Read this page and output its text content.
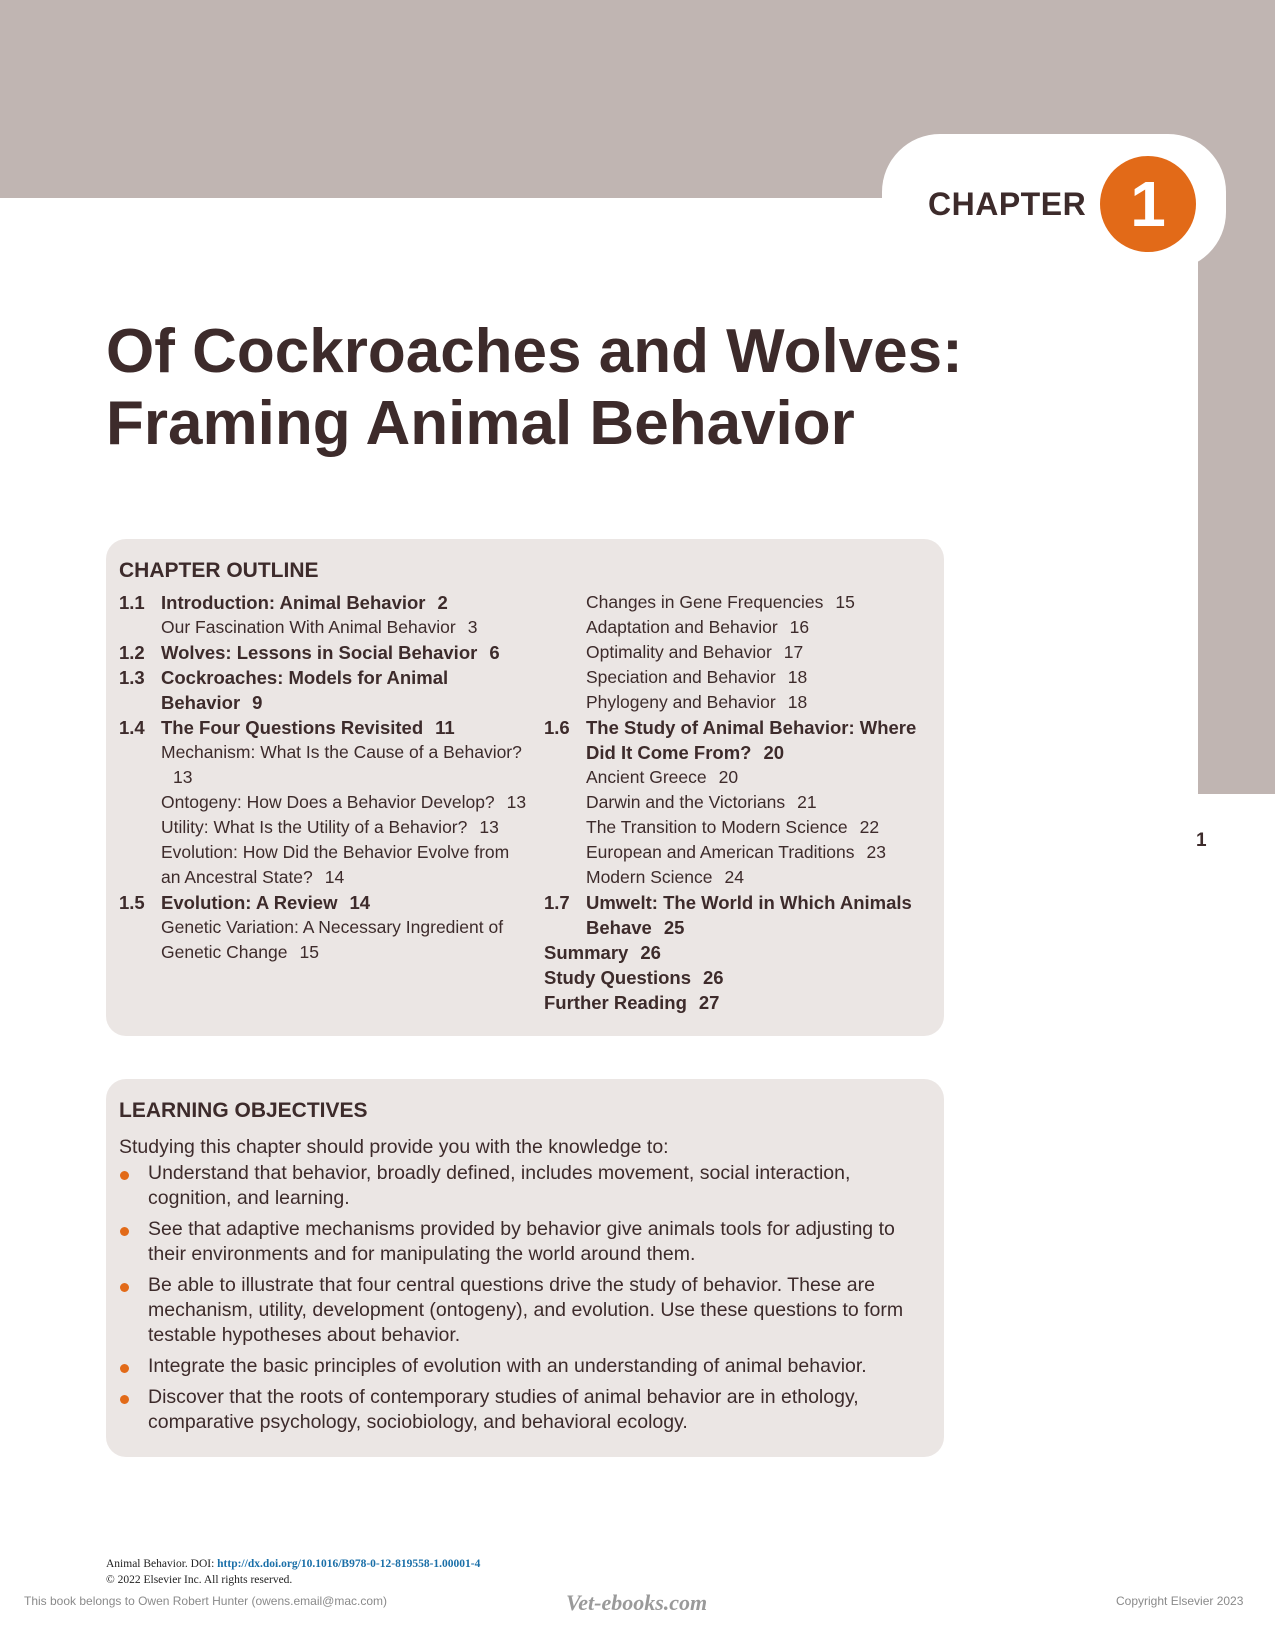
CHAPTER 1
Of Cockroaches and Wolves:
Framing Animal Behavior
1
CHAPTER OUTLINE
1.1 Introduction: Animal Behavior 2
Our Fascination With Animal Behavior 3
1.2 Wolves: Lessons in Social Behavior 6
1.3 Cockroaches: Models for Animal Behavior 9
1.4 The Four Questions Revisited 11
Mechanism: What Is the Cause of a Behavior?13
Ontogeny: How Does a Behavior Develop? 13
Utility: What Is the Utility of a Behavior? 13
Evolution: How Did the Behavior Evolve from an Ancestral State? 14
1.5 Evolution: A Review 14
Genetic Variation: A Necessary Ingredient of Genetic Change 15
Changes in Gene Frequencies 15
Adaptation and Behavior 16
Optimality and Behavior 17
Speciation and Behavior 18
Phylogeny and Behavior 18
1.6 The Study of Animal Behavior: Where Did It Come From? 20
Ancient Greece 20
Darwin and the Victorians 21
The Transition to Modern Science 22
European and American Traditions 23
Modern Science 24
1.7 Umwelt: The World in Which Animals Behave 25
Summary 26
Study Questions 26
Further Reading 27
LEARNING OBJECTIVES
Studying this chapter should provide you with the knowledge to:
Understand that behavior, broadly defined, includes movement, social interaction, cognition, and learning.
See that adaptive mechanisms provided by behavior give animals tools for adjusting to their environments and for manipulating the world around them.
Be able to illustrate that four central questions drive the study of behavior. These are mechanism, utility, development (ontogeny), and evolution. Use these questions to form testable hypotheses about behavior.
Integrate the basic principles of evolution with an understanding of animal behavior.
Discover that the roots of contemporary studies of animal behavior are in ethology, comparative psychology, sociobiology, and behavioral ecology.
Animal Behavior. DOI: http://dx.doi.org/10.1016/B978-0-12-819558-1.00001-4
© 2022 Elsevier Inc. All rights reserved.
This book belongs to Owen Robert Hunter (owens.email@mac.com)	Vet-ebooks.com	Copyright Elsevier 2023
